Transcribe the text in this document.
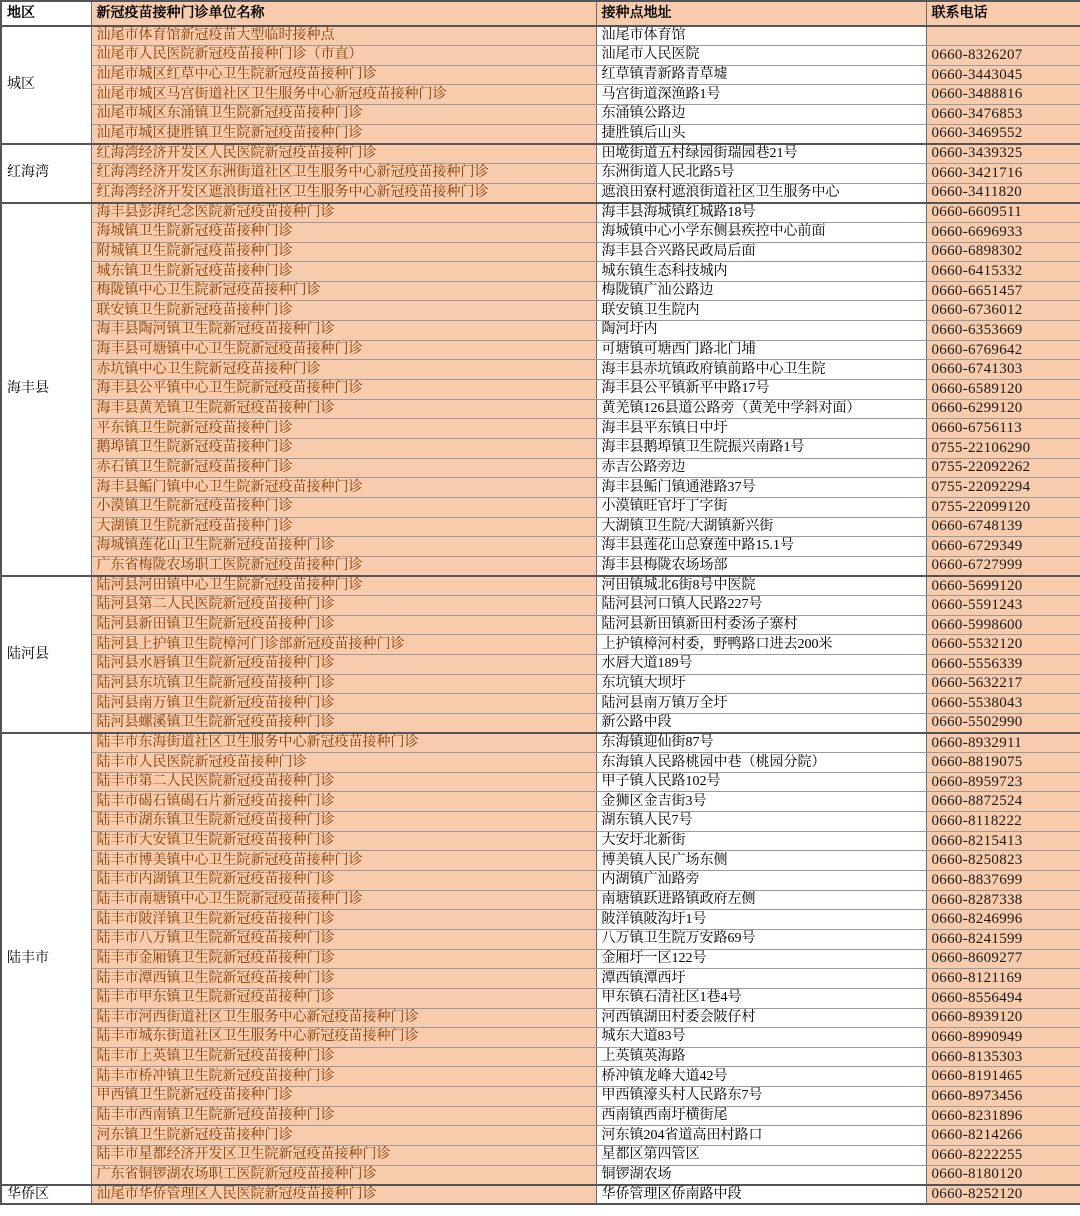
地区	新冠疫苗接种门诊单位名称	接种点地址	联系电话
城区	汕尾市体育馆新冠疫苗大型临时接种点	汕尾市体育馆	
	汕尾市人民医院新冠疫苗接种门诊（市直）	汕尾市人民医院	0660-8326207
	汕尾市城区红草中心卫生院新冠疫苗接种门诊	红草镇青新路青草墟	0660-3443045
	汕尾市城区马宫街道社区卫生服务中心新冠疫苗接种门诊	马宫街道深渔路1号	0660-3488816
	汕尾市城区东涌镇卫生院新冠疫苗接种门诊	东涌镇公路边	0660-3476853
	汕尾市城区捷胜镇卫生院新冠疫苗接种门诊	捷胜镇后山头	0660-3469552
红海湾	红海湾经济开发区人民医院新冠疫苗接种门诊	田墘街道五村绿园街瑞园巷21号	0660-3439325
	红海湾经济开发区东洲街道社区卫生服务中心新冠疫苗接种门诊	东洲街道人民北路5号	0660-3421716
	红海湾经济开发区遮浪街道社区卫生服务中心新冠疫苗接种门诊	遮浪田寮村遮浪街道社区卫生服务中心	0660-3411820
海丰县	海丰县彭湃纪念医院新冠疫苗接种门诊	海丰县海城镇红城路18号	0660-6609511
	海城镇卫生院新冠疫苗接种门诊	海城镇中心小学东侧县疾控中心前面	0660-6696933
	附城镇卫生院新冠疫苗接种门诊	海丰县合兴路民政局后面	0660-6898302
	城东镇卫生院新冠疫苗接种门诊	城东镇生态科技城内	0660-6415332
	梅陇镇中心卫生院新冠疫苗接种门诊	梅陇镇广汕公路边	0660-6651457
	联安镇卫生院新冠疫苗接种门诊	联安镇卫生院内	0660-6736012
	海丰县陶河镇卫生院新冠疫苗接种门诊	陶河圩内	0660-6353669
	海丰县可塘镇中心卫生院新冠疫苗接种门诊	可塘镇可塘西门路北门埔	0660-6769642
	赤坑镇中心卫生院新冠疫苗接种门诊	海丰县赤坑镇政府镇前路中心卫生院	0660-6741303
	海丰县公平镇中心卫生院新冠疫苗接种门诊	海丰县公平镇新平中路17号	0660-6589120
	海丰县黄羌镇卫生院新冠疫苗接种门诊	黄羌镇126县道公路旁（黄羌中学斜对面）	0660-6299120
	平东镇卫生院新冠疫苗接种门诊	海丰县平东镇日中圩	0660-6756113
	鹅埠镇卫生院新冠疫苗接种门诊	海丰县鹅埠镇卫生院振兴南路1号	0755-22106290
	赤石镇卫生院新冠疫苗接种门诊	赤吉公路旁边	0755-22092262
	海丰县鲘门镇中心卫生院新冠疫苗接种门诊	海丰县鲘门镇通港路37号	0755-22092294
	小漠镇卫生院新冠疫苗接种门诊	小漠镇旺官圩丁字街	0755-22099120
	大湖镇卫生院新冠疫苗接种门诊	大湖镇卫生院/大湖镇新兴街	0660-6748139
	海城镇莲花山卫生院新冠疫苗接种门诊	海丰县莲花山总寮莲中路15.1号	0660-6729349
	广东省梅陇农场职工医院新冠疫苗接种门诊	海丰县梅陇农场场部	0660-6727999
陆河县	陆河县河田镇中心卫生院新冠疫苗接种门诊	河田镇城北6街8号中医院	0660-5699120
	陆河县第二人民医院新冠疫苗接种门诊	陆河县河口镇人民路227号	0660-5591243
	陆河县新田镇卫生院新冠疫苗接种门诊	陆河县新田镇新田村委汤子寨村	0660-5998600
	陆河县上护镇卫生院樟河门诊部新冠疫苗接种门诊	上护镇樟河村委，野鸭路口进去200米	0660-5532120
	陆河县水唇镇卫生院新冠疫苗接种门诊	水唇大道189号	0660-5556339
	陆河县东坑镇卫生院新冠疫苗接种门诊	东坑镇大坝圩	0660-5632217
	陆河县南万镇卫生院新冠疫苗接种门诊	陆河县南万镇万全圩	0660-5538043
	陆河县螺溪镇卫生院新冠疫苗接种门诊	新公路中段	0660-5502990
陆丰市	陆丰市东海街道社区卫生服务中心新冠疫苗接种门诊	东海镇迎仙街87号	0660-8932911
	陆丰市人民医院新冠疫苗接种门诊	东海镇人民路桃园中巷（桃园分院）	0660-8819075
	陆丰市第二人民医院新冠疫苗接种门诊	甲子镇人民路102号	0660-8959723
	陆丰市碣石镇碣石片新冠疫苗接种门诊	金狮区金吉街3号	0660-8872524
	陆丰市湖东镇卫生院新冠疫苗接种门诊	湖东镇人民7号	0660-8118222
	陆丰市大安镇卫生院新冠疫苗接种门诊	大安圩北新街	0660-8215413
	陆丰市博美镇中心卫生院新冠疫苗接种门诊	博美镇人民广场东侧	0660-8250823
	陆丰市内湖镇卫生院新冠疫苗接种门诊	内湖镇广汕路旁	0660-8837699
	陆丰市南塘镇中心卫生院新冠疫苗接种门诊	南塘镇跃进路镇政府左侧	0660-8287338
	陆丰市陂洋镇卫生院新冠疫苗接种门诊	陂洋镇陂沟圩1号	0660-8246996
	陆丰市八万镇卫生院新冠疫苗接种门诊	八万镇卫生院万安路69号	0660-8241599
	陆丰市金厢镇卫生院新冠疫苗接种门诊	金厢圩一区122号	0660-8609277
	陆丰市潭西镇卫生院新冠疫苗接种门诊	潭西镇潭西圩	0660-8121169
	陆丰市甲东镇卫生院新冠疫苗接种门诊	甲东镇石清社区1巷4号	0660-8556494
	陆丰市河西街道社区卫生服务中心新冠疫苗接种门诊	河西镇湖田村委会陂仔村	0660-8939120
	陆丰市城东街道社区卫生服务中心新冠疫苗接种门诊	城东大道83号	0660-8990949
	陆丰市上英镇卫生院新冠疫苗接种门诊	上英镇英海路	0660-8135303
	陆丰市桥冲镇卫生院新冠疫苗接种门诊	桥冲镇龙峰大道42号	0660-8191465
	甲西镇卫生院新冠疫苗接种门诊	甲西镇濠头村人民路东7号	0660-8973456
	陆丰市西南镇卫生院新冠疫苗接种门诊	西南镇西南圩横街尾	0660-8231896
	河东镇卫生院新冠疫苗接种门诊	河东镇204省道高田村路口	0660-8214266
	陆丰市星都经济开发区卫生院新冠疫苗接种门诊	星都区第四管区	0660-8222255
	广东省铜锣湖农场职工医院新冠疫苗接种门诊	铜锣湖农场	0660-8180120
华侨区	汕尾市华侨管理区人民医院新冠疫苗接种门诊	华侨管理区侨南路中段	0660-8252120
